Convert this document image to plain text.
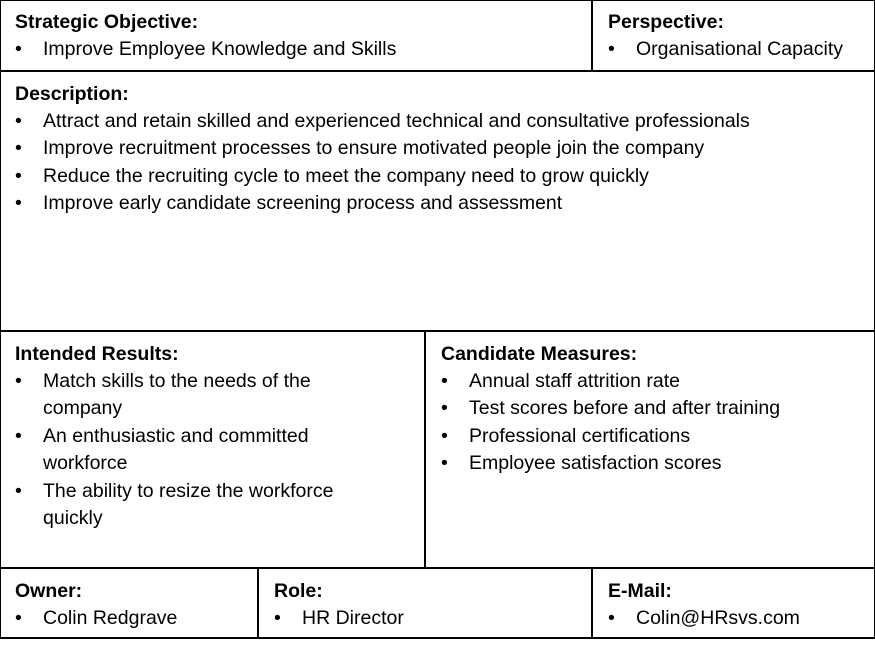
Strategic Objective:

•	Improve Employee Knowledge and Skills

Perspective:

•	Organisational Capacity

Description:

•	Attract and retain skilled and experienced technical and consultative professionals
•	Improve recruitment processes to ensure motivated people join the company
•	Reduce the recruiting cycle to meet the company need to grow quickly
•	Improve early candidate screening process and assessment

Intended Results:

•	Match skills to the needs of the company
•	An enthusiastic and committed workforce
•	The ability to resize the workforce quickly

Candidate Measures:

•	Annual staff attrition rate
•	Test scores before and after training
•	Professional certifications
•	Employee satisfaction scores

Owner:

•	Colin Redgrave

Role:

•	HR Director

E-Mail:

•	Colin@HRsvs.com
